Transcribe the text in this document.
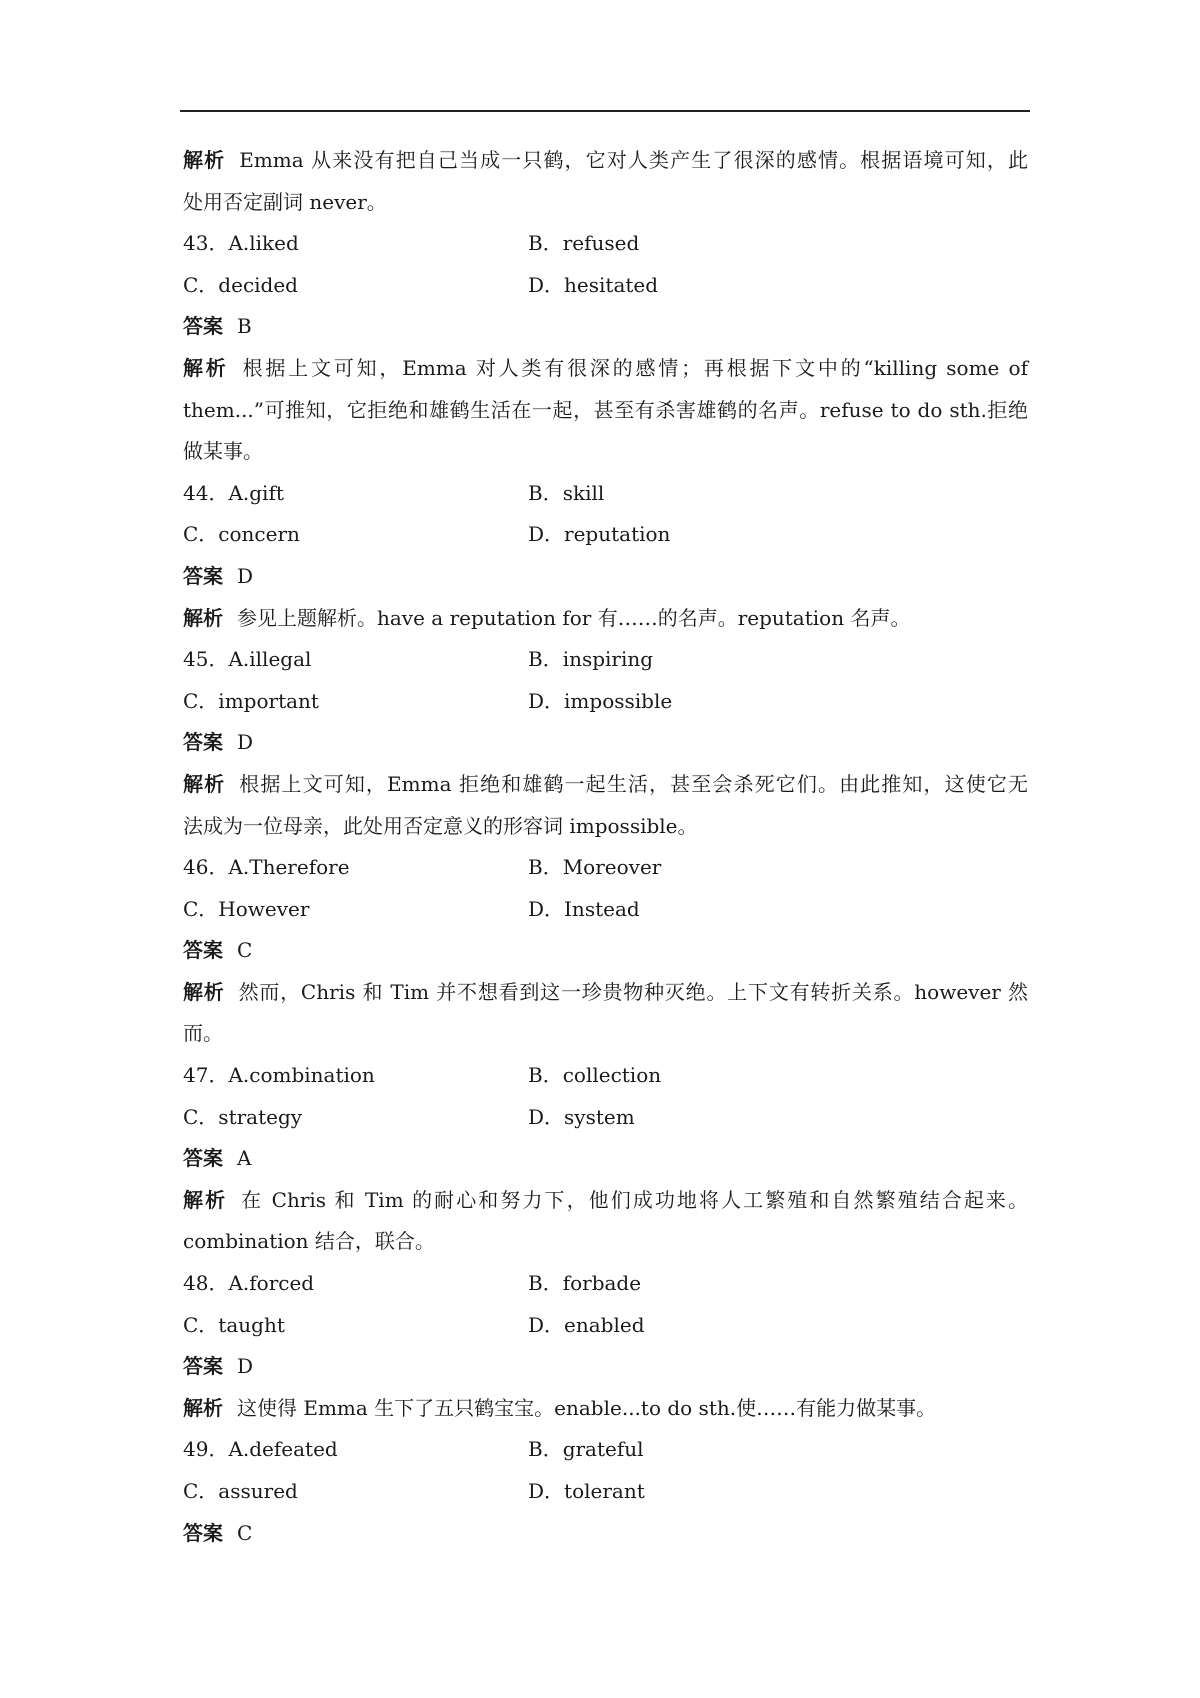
解析 Emma 从来没有把自己当成一只鹤，它对人类产生了很深的感情。根据语境可知，此
处用否定副词 never。
43．A.liked	B．refused
C．decided	D．hesitated
答案 B
解析 根据上文可知，Emma 对人类有很深的感情；再根据下文中的“killing some of
them...”可推知，它拒绝和雄鹤生活在一起，甚至有杀害雄鹤的名声。refuse to do sth.拒绝
做某事。
44．A.gift	B．skill
C．concern	D．reputation
答案 D
解析 参见上题解析。have a reputation for 有……的名声。reputation 名声。
45．A.illegal	B．inspiring
C．important	D．impossible
答案 D
解析 根据上文可知，Emma 拒绝和雄鹤一起生活，甚至会杀死它们。由此推知，这使它无
法成为一位母亲，此处用否定意义的形容词 impossible。
46．A.Therefore	B．Moreover
C．However	D．Instead
答案 C
解析 然而，Chris 和 Tim 并不想看到这一珍贵物种灭绝。上下文有转折关系。however 然
而。
47．A.combination	B．collection
C．strategy	D．system
答案 A
解析 在 Chris 和 Tim 的耐心和努力下，他们成功地将人工繁殖和自然繁殖结合起来。
combination 结合，联合。
48．A.forced	B．forbade
C．taught	D．enabled
答案 D
解析 这使得 Emma 生下了五只鹤宝宝。enable...to do sth.使……有能力做某事。
49．A.defeated	B．grateful
C．assured	D．tolerant
答案 C
